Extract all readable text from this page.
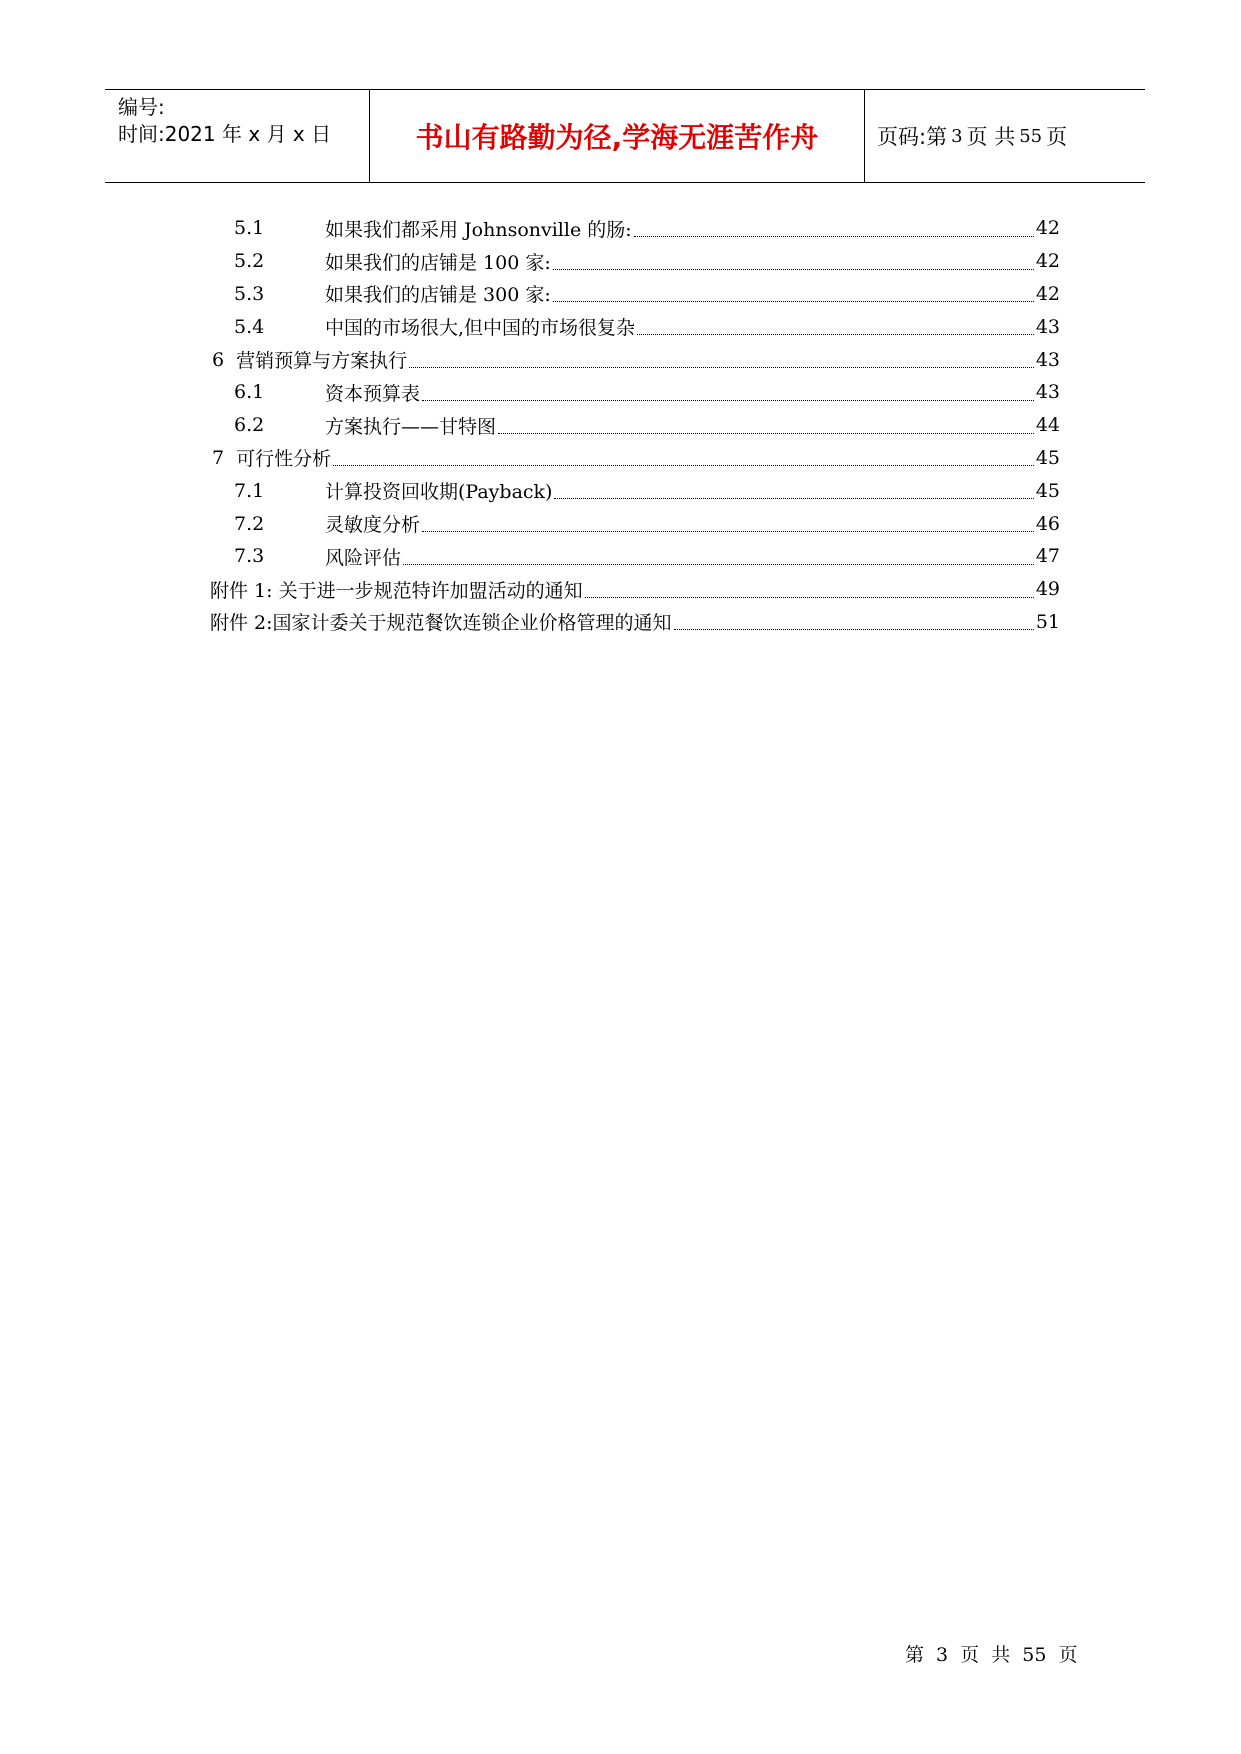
编号:
时间:2021 年 x 月 x 日	书山有路勤为径,学海无涯苦作舟	页码:第 3 页 共 55 页
5.1	如果我们都采用 Johnsonville 的肠:	42
5.2	如果我们的店铺是 100 家:	42
5.3	如果我们的店铺是 300 家:	42
5.4	中国的市场很大,但中国的市场很复杂	43
6 营销预算与方案执行	43
6.1	资本预算表	43
6.2	方案执行——甘特图	44
7 可行性分析	45
7.1	计算投资回收期(Payback)	45
7.2	灵敏度分析	46
7.3	风险评估	47
附件 1: 关于进一步规范特许加盟活动的通知	49
附件 2:国家计委关于规范餐饮连锁企业价格管理的通知	51
第 3 页 共 55 页
